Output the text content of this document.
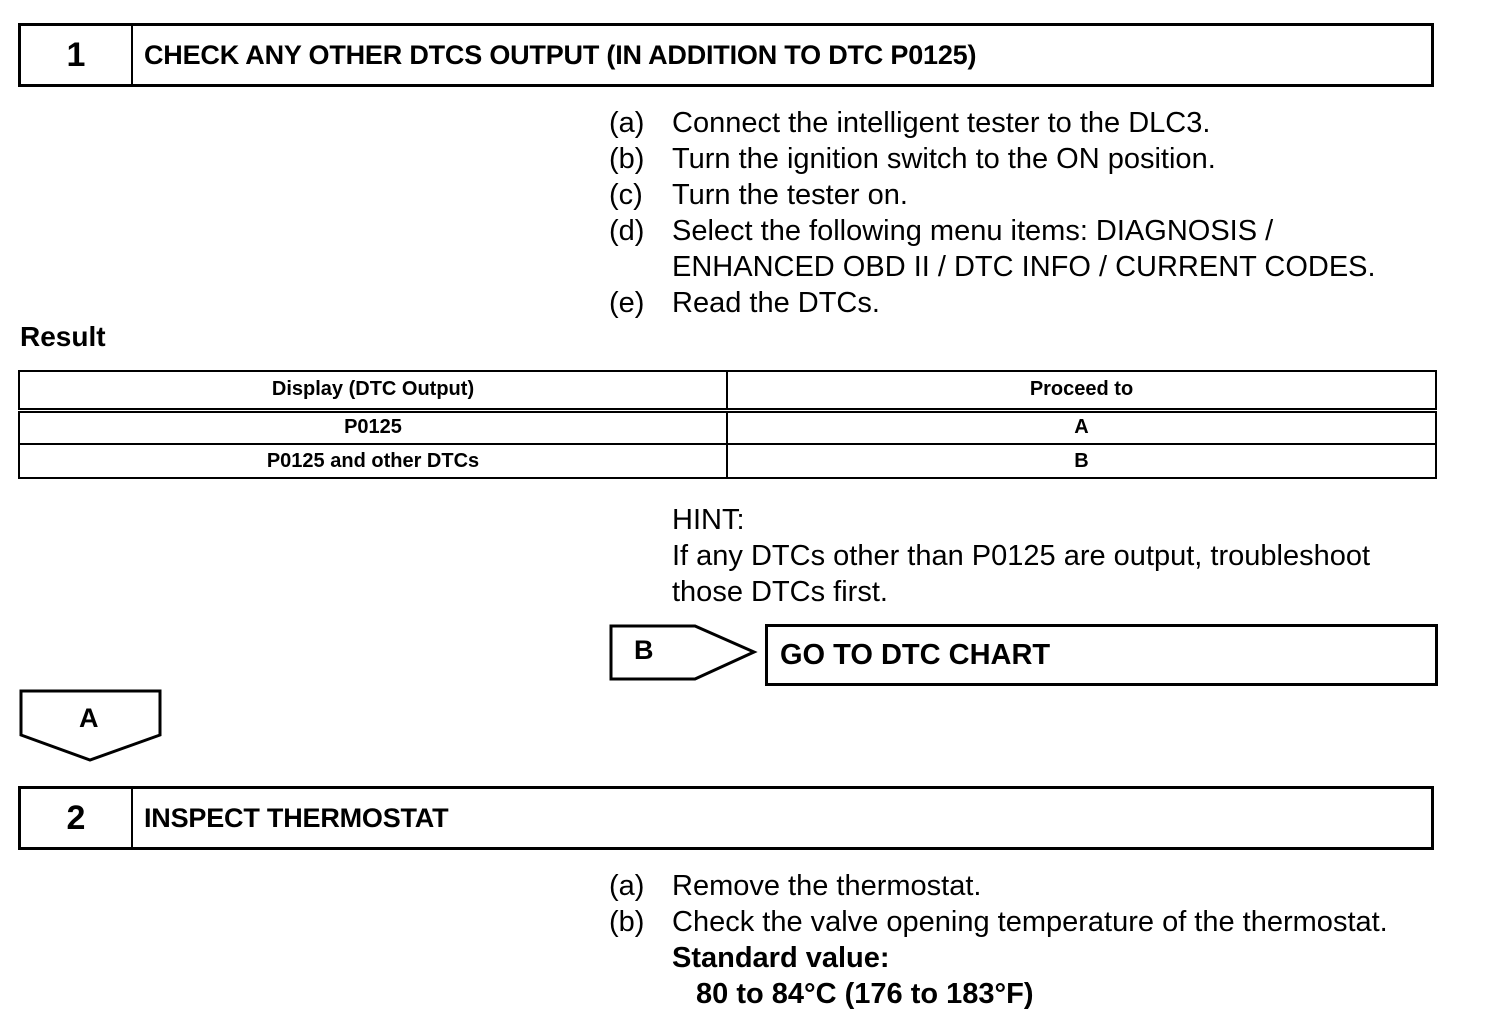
1	CHECK ANY OTHER DTCS OUTPUT (IN ADDITION TO DTC P0125)
(a) Connect the intelligent tester to the DLC3.
(b) Turn the ignition switch to the ON position.
(c)	Turn the tester on.
(d) Select the following menu items: DIAGNOSIS /
ENHANCED OBD II / DTC INFO / CURRENT CODES.
(e) Read the DTCs.
Result
Display (DTC Output)	Proceed to
P0125	A
P0125 and other DTCs	B
HINT:
If any DTCs other than P0125 are output, troubleshoot
those DTCs first.
B	GO TO DTC CHART
A
2	INSPECT THERMOSTAT
(a) Remove the thermostat.
(b) Check the valve opening temperature of the thermostat.
Standard value:
80 to 84°C (176 to 183°F)
